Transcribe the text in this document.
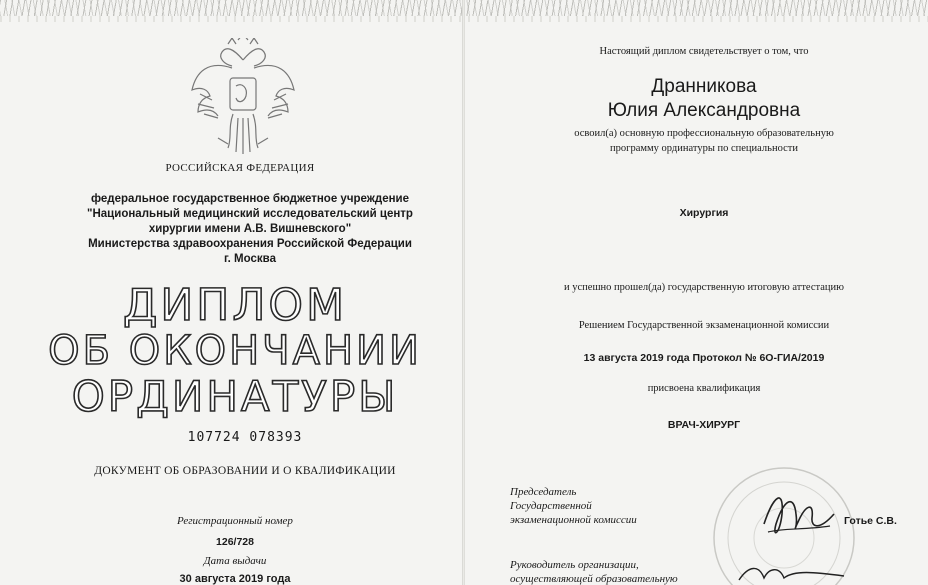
РОССИЙСКАЯ ФЕДЕРАЦИЯ
федеральное государственное бюджетное учреждение
"Национальный медицинский исследовательский центр
хирургии имени А.В. Вишневского"
Министерства здравоохранения Российской Федерации
г. Москва
ДИПЛОМ
ОБ ОКОНЧАНИИ
ОРДИНАТУРЫ
107724 078393
ДОКУМЕНТ ОБ ОБРАЗОВАНИИ И О КВАЛИФИКАЦИИ
Регистрационный номер
126/728
Дата выдачи
30 августа 2019 года
Настоящий диплом свидетельствует о том, что
Дранникова
Юлия Александровна
освоил(а) основную профессиональную образовательную
программу ординатуры по специальности
Хирургия
и успешно прошел(да) государственную итоговую аттестацию
Решением Государственной экзаменационной комиссии
13 августа 2019 года Протокол № 6О-ГИА/2019
присвоена квалификация
ВРАЧ-ХИРУРГ
Председатель
Государственной
экзаменационной комиссии	Готье С.В.
Руководитель организации,
осуществляющей образовательную
